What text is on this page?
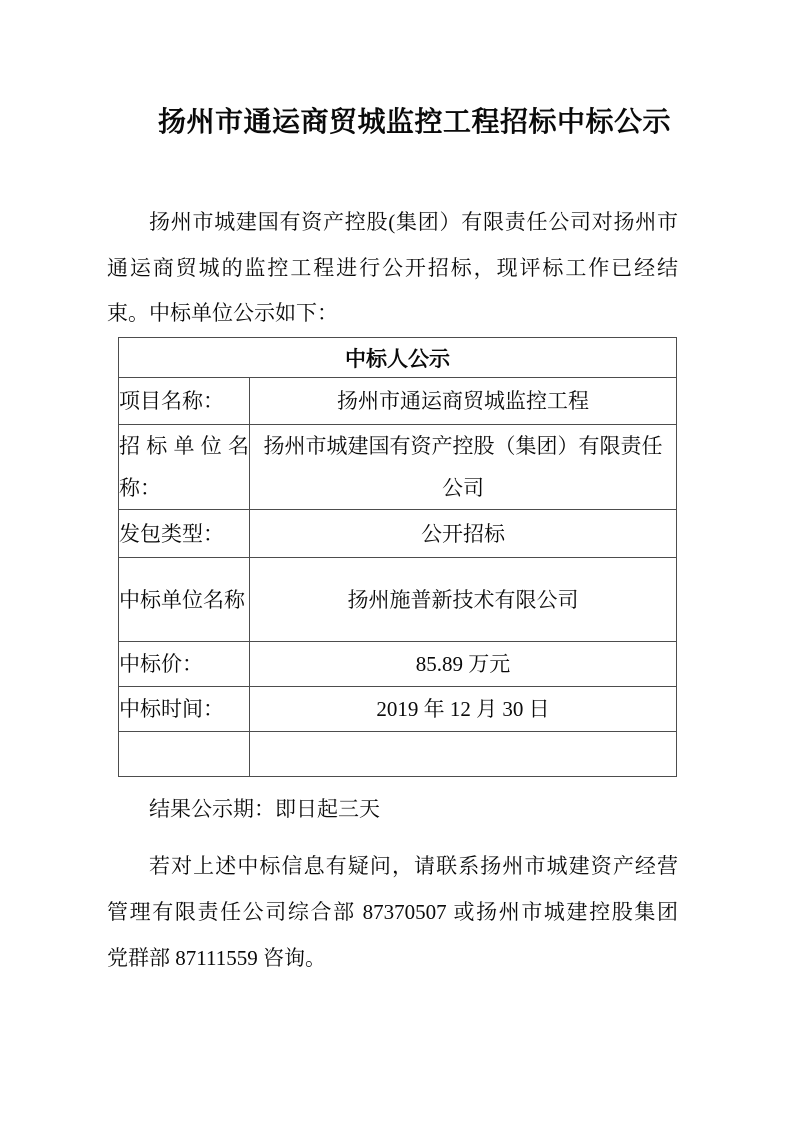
扬州市通运商贸城监控工程招标中标公示
扬州市城建国有资产控股(集团）有限责任公司对扬州市
通运商贸城的监控工程进行公开招标，现评标工作已经结
束。中标单位公示如下：
中标人公示	
项目名称：	扬州市通运商贸城监控工程
招标单位名称：	扬州市城建国有资产控股（集团）有限责任
公司

发包类型：	公开招标
中标单位名称	扬州施普新技术有限公司
中标价：	85.89 万元
中标时间：	2019 年 12 月 30 日

结果公示期：即日起三天
若对上述中标信息有疑问，请联系扬州市城建资产经营
管理有限责任公司综合部 87370507 或扬州市城建控股集团
党群部 87111559 咨询。
